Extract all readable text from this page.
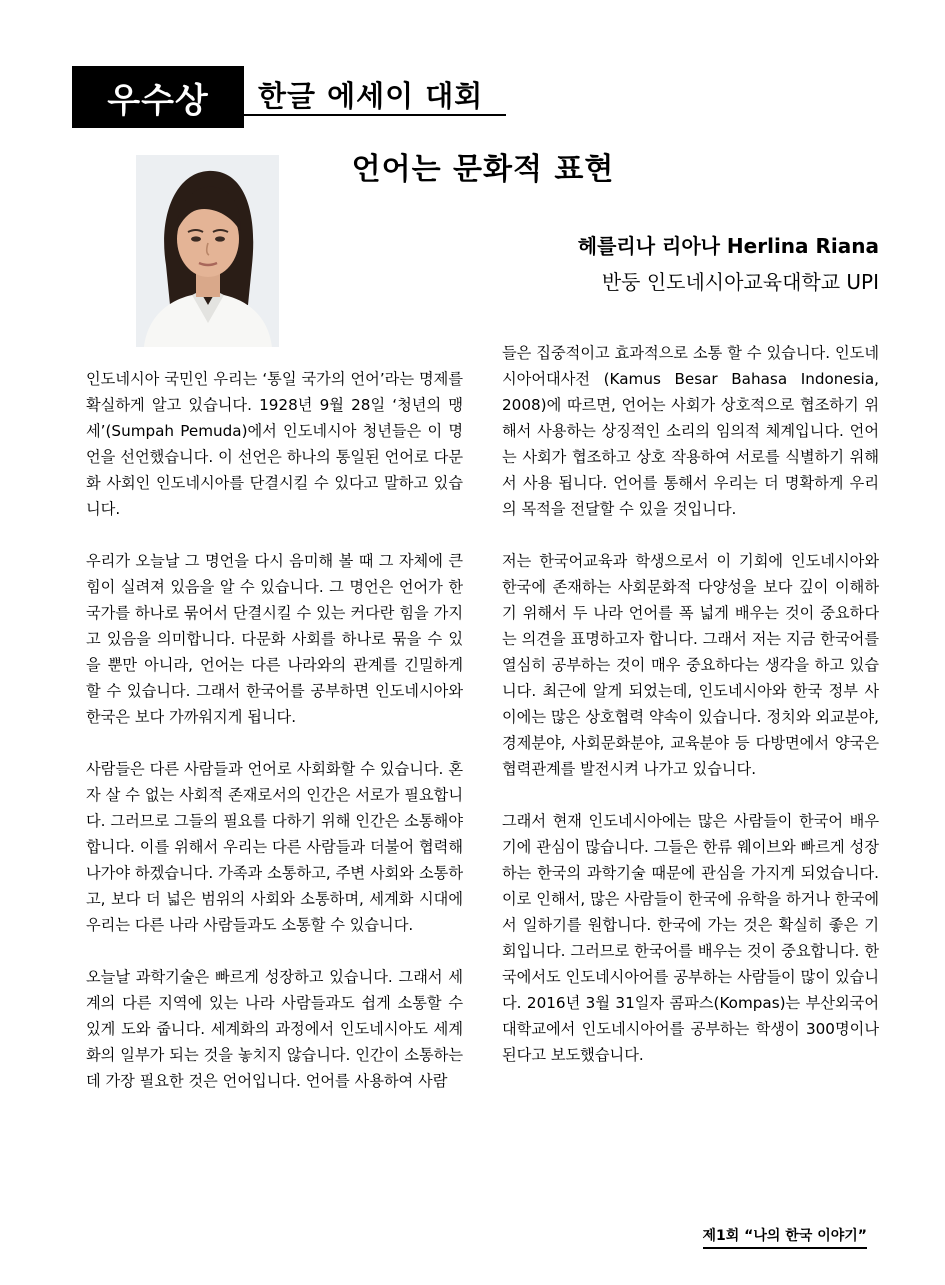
우수상 한글 에세이 대회
언어는 문화적 표현
헤를리나 리아나 Herlina Riana
반둥 인도네시아교육대학교 UPI

인도네시아 국민인 우리는 ‘통일 국가의 언어’라는 명제를 확실하게 알고 있습니다. 1928년 9월 28일 ‘청년의 맹세’(Sumpah Pemuda)에서 인도네시아 청년들은 이 명언을 선언했습니다. 이 선언은 하나의 통일된 언어로 다문화 사회인 인도네시아를 단결시킬 수 있다고 말하고 있습니다.

우리가 오늘날 그 명언을 다시 음미해 볼 때 그 자체에 큰 힘이 실려져 있음을 알 수 있습니다. 그 명언은 언어가 한 국가를 하나로 묶어서 단결시킬 수 있는 커다란 힘을 가지고 있음을 의미합니다. 다문화 사회를 하나로 묶을 수 있을 뿐만 아니라, 언어는 다른 나라와의 관계를 긴밀하게 할 수 있습니다. 그래서 한국어를 공부하면 인도네시아와 한국은 보다 가까워지게 됩니다.

사람들은 다른 사람들과 언어로 사회화할 수 있습니다. 혼자 살 수 없는 사회적 존재로서의 인간은 서로가 필요합니다. 그러므로 그들의 필요를 다하기 위해 인간은 소통해야 합니다. 이를 위해서 우리는 다른 사람들과 더불어 협력해 나가야 하겠습니다. 가족과 소통하고, 주변 사회와 소통하고, 보다 더 넓은 범위의 사회와 소통하며, 세계화 시대에 우리는 다른 나라 사람들과도 소통할 수 있습니다.

오늘날 과학기술은 빠르게 성장하고 있습니다. 그래서 세계의 다른 지역에 있는 나라 사람들과도 쉽게 소통할 수 있게 도와 줍니다. 세계화의 과정에서 인도네시아도 세계화의 일부가 되는 것을 놓치지 않습니다. 인간이 소통하는 데 가장 필요한 것은 언어입니다. 언어를 사용하여 사람

들은 집중적이고 효과적으로 소통 할 수 있습니다. 인도네시아어대사전 (Kamus Besar Bahasa Indonesia, 2008)에 따르면, 언어는 사회가 상호적으로 협조하기 위해서 사용하는 상징적인 소리의 임의적 체계입니다. 언어는 사회가 협조하고 상호 작용하여 서로를 식별하기 위해서 사용 됩니다. 언어를 통해서 우리는 더 명확하게 우리의 목적을 전달할 수 있을 것입니다.

저는 한국어교육과 학생으로서 이 기회에 인도네시아와 한국에 존재하는 사회문화적 다양성을 보다 깊이 이해하기 위해서 두 나라 언어를 폭 넓게 배우는 것이 중요하다는 의견을 표명하고자 합니다. 그래서 저는 지금 한국어를 열심히 공부하는 것이 매우 중요하다는 생각을 하고 있습니다. 최근에 알게 되었는데, 인도네시아와 한국 정부 사이에는 많은 상호협력 약속이 있습니다. 정치와 외교분야, 경제분야, 사회문화분야, 교육분야 등 다방면에서 양국은 협력관계를 발전시켜 나가고 있습니다.

그래서 현재 인도네시아에는 많은 사람들이 한국어 배우기에 관심이 많습니다. 그들은 한류 웨이브와 빠르게 성장하는 한국의 과학기술 때문에 관심을 가지게 되었습니다. 이로 인해서, 많은 사람들이 한국에 유학을 하거나 한국에서 일하기를 원합니다. 한국에 가는 것은 확실히 좋은 기회입니다. 그러므로 한국어를 배우는 것이 중요합니다. 한국에서도 인도네시아어를 공부하는 사람들이 많이 있습니다. 2016년 3월 31일자 콤파스(Kompas)는 부산외국어대학교에서 인도네시아어를 공부하는 학생이 300명이나 된다고 보도했습니다.

제1회 “나의 한국 이야기”
